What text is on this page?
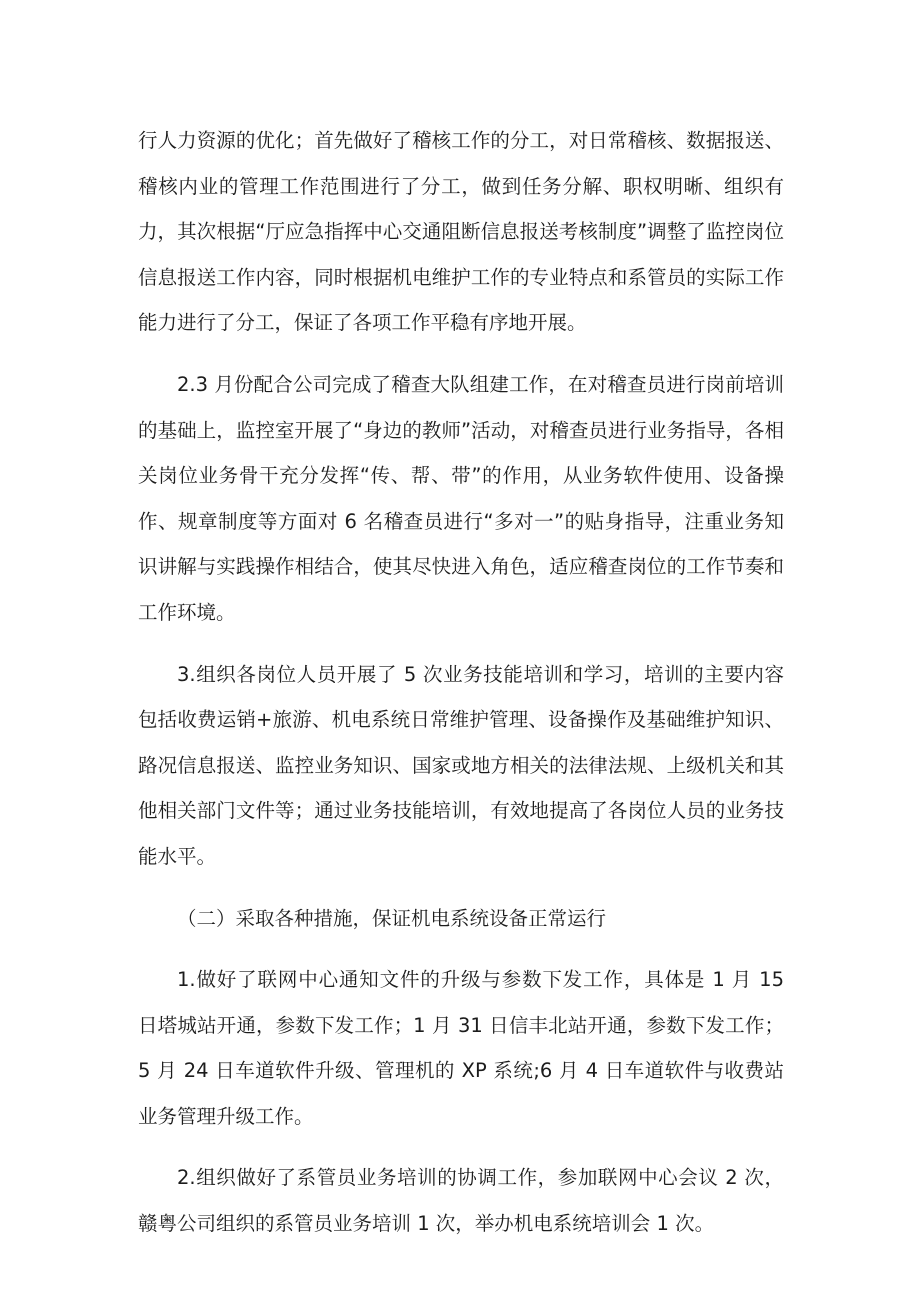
行人力资源的优化；首先做好了稽核工作的分工，对日常稽核、数据报送、稽核内业的管理工作范围进行了分工，做到任务分解、职权明晰、组织有力，其次根据“厅应急指挥中心交通阻断信息报送考核制度”调整了监控岗位信息报送工作内容，同时根据机电维护工作的专业特点和系管员的实际工作能力进行了分工，保证了各项工作平稳有序地开展。

2.3 月份配合公司完成了稽查大队组建工作，在对稽查员进行岗前培训的基础上，监控室开展了“身边的教师”活动，对稽查员进行业务指导，各相关岗位业务骨干充分发挥“传、帮、带”的作用，从业务软件使用、设备操作、规章制度等方面对 6 名稽查员进行“多对一”的贴身指导，注重业务知识讲解与实践操作相结合，使其尽快进入角色，适应稽查岗位的工作节奏和工作环境。

3.组织各岗位人员开展了 5 次业务技能培训和学习，培训的主要内容包括收费运销+旅游、机电系统日常维护管理、设备操作及基础维护知识、路况信息报送、监控业务知识、国家或地方相关的法律法规、上级机关和其他相关部门文件等；通过业务技能培训，有效地提高了各岗位人员的业务技能水平。

（二）采取各种措施，保证机电系统设备正常运行

1.做好了联网中心通知文件的升级与参数下发工作，具体是 1 月 15 日塔城站开通，参数下发工作；1 月 31 日信丰北站开通，参数下发工作；5 月 24 日车道软件升级、管理机的 XP 系统;6 月 4 日车道软件与收费站业务管理升级工作。

2.组织做好了系管员业务培训的协调工作，参加联网中心会议 2 次，赣粤公司组织的系管员业务培训 1 次，举办机电系统培训会 1 次。
